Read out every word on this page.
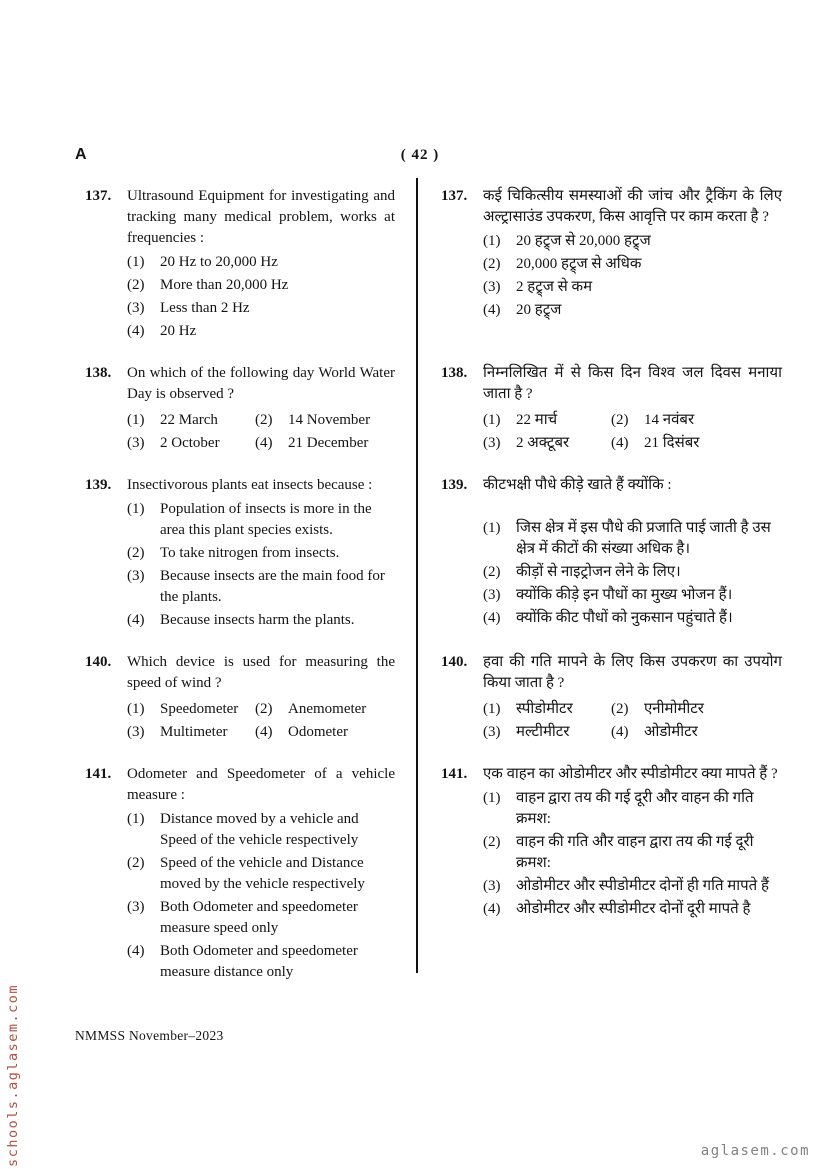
A	( 42 )
137.	Ultrasound Equipment for investigating and tracking many medical problem, works at frequencies :
(1)	20 Hz to 20,000 Hz
(2)	More than 20,000 Hz
(3)	Less than 2 Hz
(4)	20 Hz
137.	कई चिकित्सीय समस्याओं की जांच और ट्रैकिंग के लिए अल्ट्रासाउंड उपकरण, किस आवृत्ति पर काम करता है ?
(1)	20 हट्र्ज से 20,000 हट्र्ज
(2)	20,000 हट्र्ज से अधिक
(3)	2 हट्र्ज से कम
(4)	20 हट्र्ज
138.	On which of the following day World Water Day is observed ?
(1)	22 March	(2)	14 November
(3)	2 October	(4)	21 December
138.	निम्नलिखित में से किस दिन विश्व जल दिवस मनाया जाता है ?
(1)	22 मार्च	(2)	14 नवंबर
(3)	2 अक्टूबर	(4)	21 दिसंबर
139.	Insectivorous plants eat insects because :
(1)	Population of insects is more in the area this plant species exists.
(2)	To take nitrogen from insects.
(3)	Because insects are the main food for the plants.
(4)	Because insects harm the plants.
139.	कीटभक्षी पौधे कीड़े खाते हैं क्योंकि :
(1)	जिस क्षेत्र में इस पौधे की प्रजाति पाई जाती है उस क्षेत्र में कीटों की संख्या अधिक है।
(2)	कीड़ों से नाइट्रोजन लेने के लिए।
(3)	क्योंकि कीड़े इन पौधों का मुख्य भोजन हैं।
(4)	क्योंकि कीट पौधों को नुकसान पहुंचाते हैं।
140.	Which device is used for measuring the speed of wind ?
(1)	Speedometer	(2)	Anemometer
(3)	Multimeter	(4)	Odometer
140.	हवा की गति मापने के लिए किस उपकरण का उपयोग किया जाता है ?
(1)	स्पीडोमीटर	(2)	एनीमोमीटर
(3)	मल्टीमीटर	(4)	ओडोमीटर
141.	Odometer and Speedometer of a vehicle measure :
(1)	Distance moved by a vehicle and Speed of the vehicle respectively
(2)	Speed of the vehicle and Distance moved by the vehicle respectively
(3)	Both Odometer and speedometer measure speed only
(4)	Both Odometer and speedometer measure distance only
141.	एक वाहन का ओडोमीटर और स्पीडोमीटर क्या मापते हैं ?
(1)	वाहन द्वारा तय की गई दूरी और वाहन की गति क्रमश:
(2)	वाहन की गति और वाहन द्वारा तय की गई दूरी क्रमश:
(3)	ओडोमीटर और स्पीडोमीटर दोनों ही गति मापते हैं
(4)	ओडोमीटर और स्पीडोमीटर दोनों दूरी मापते है
NMMSS November–2023
schools.aglasem.com	aglasem.com
